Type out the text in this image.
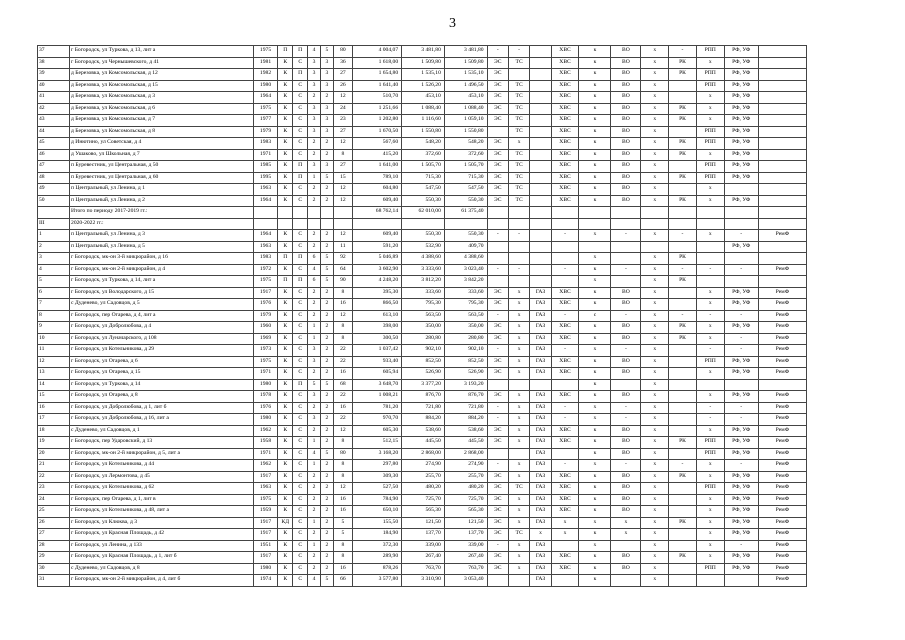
3
37	г Богородск, ул Туркова, д 13, лит а	1975	П	П	4	5	80	4 004,07	3 481,80	3 481,80	-	-		ХВС	к	ВО	х	-	РПП	РФ, УФ	
38	г Богородск, ул Чернышевского, д 41	1981	К	С	3	3	36	1 618,00	1 509,80	1 509,80	ЭС	ТС		ХВС	к	ВО	х	РК	х	РФ, УФ	
39	д Березовка, ул Комсомольская, д 12	1982	К	П	3	3	27	1 654,80	1 535,10	1 535,10	ЭС			ХВС	к	ВО	х	РК	РПП	РФ, УФ	
40	д Березовка, ул Комсомольская, д 15	1980	К	С	3	3	26	1 641,40	1 526,20	1 496,50	ЭС	ТС		ХВС	к	ВО	х		РПП	РФ, УФ	
41	д Березовка, ул Комсомольская, д 3	1964	К	С	2	2	12	510,70	453,10	453,10	ЭС	ТС		ХВС	к	ВО	х		х	РФ, УФ	
42	д Березовка, ул Комсомольская, д 6	1975	К	С	3	3	24	1 251,66	1 088,40	1 088,40	ЭС	ТС		ХВС	к	ВО	х	РК	х	РФ, УФ	
43	д Березовка, ул Комсомольская, д 7	1977	К	С	3	3	23	1 202,80	1 116,60	1 059,10	ЭС	ТС		ХВС	к	ВО	х	РК	х	РФ, УФ	
44	д Березовка, ул Комсомольская, д 8	1979	К	С	3	3	27	1 670,50	1 550,80	1 550,80		ТС		ХВС	к	ВО	х		РПП	РФ, УФ	
45	д Инютино, ул Советская, д 4	1983	К	С	2	2	12	567,60	548,20	548,20	ЭС	х		ХВС	к	ВО	х	РК	РПП	РФ, УФ	
46	д Ушаково, ул Школьная, д 7	1971	К	С	2	2	8	415,20	372,60	372,60	ЭС	ТС		ХВС	к	ВО	х	РК	х	РФ, УФ	
47	п Буревестник, ул Центральная, д 50	1985	К	П	3	3	27	1 641,00	1 505,70	1 505,70	ЭС	ТС		ХВС	к	ВО	х		РПП	РФ, УФ	
48	п Буревестник, ул Центральная, д 60	1995	К	П	1	5	15	789,10	715,30	715,30	ЭС	ТС		ХВС	к	ВО	х	РК	РПП	РФ, УФ	
49	п Центральный, ул Ленина, д 1	1963	К	С	2	2	12	604,80	547,50	547,50	ЭС	ТС		ХВС	к	ВО	х		х		
50	п Центральный, ул Ленина, д 2	1964	К	С	2	2	12	609,40	550,30	550,30	ЭС	ТС		ХВС	к	ВО	х	РК	х	РФ, УФ	
	Итого по периоду 2017-2019 гг.:							68 762,14	62 010,00	61 375,40											
III	2020-2022 гг.:																				
1	п Центральный, ул Ленина, д 3	1964	К	С	2	2	12	609,40	550,30	550,30	-	-		-	х	-	х	-	х	-	РемФ
2	п Центральный, ул Ленина, д 5	1963	К	С	2	2	11	591,20	532,90	409,70										РФ, УФ	
3	г Богородск, мк-он 3-й микрорайон, д 16	1983	П	П	6	5	92	5 046,89	4 388,60	4 388,60					х		х	РК			
4	г Богородск, мк-он 2-й микрорайон, д 4	1972	К	С	4	5	64	3 602,90	3 333,60	3 023,40	-	-		-	к	-	х	-	-	-	РемФ
5	г Богородск, ул Туркова, д 14, лит а	1975	П	П	6	5	90	4 248,20	3 812,20	3 842,20					х		х	РК			
6	г Богородск, ул Володарского, д 15	1917	К	С	2	2	8	395,30	333,60	333,60	ЭС	х	ГАЗ	ХВС	к	ВО	х		х	РФ, УФ	РемФ
7	с Дуденево, ул Садовцов, д 5	1976	К	С	2	2	16	866,50	795,30	795,30	ЭС	х	ГАЗ	ХВС	к	ВО	х		х	РФ, УФ	РемФ
8	г Богородск, пер Огарева, д 4, лит а	1979	К	С	2	2	12	613,10	563,50	563,50	-	х	ГАЗ	-	с	-	х	-	-	-	РемФ
9	г Богородск, ул Добролюбова, д 4	1960	К	С	1	2	8	398,00	350,00	350,00	ЭС	х	ГАЗ	ХВС	к	ВО	х	РК	х	РФ, УФ	РемФ
10	г Богородск, ул Луначарского, д 108	1969	К	С	1	2	8	300,50	280,80	280,80	ЭС	х	ГАЗ	ХВС	к	ВО	х	РК	х	-	РемФ
11	г Богородск, ул Котельникова, д 29	1973	К	С	3	2	22	1 037,42	902,10	902,10	-	х	ГАЗ	-	х	-	х		-	-	РемФ
12	г Богородск, ул Огарева, д 6	1975	К	С	3	2	22	933,40	852,50	852,50	ЭС	х	ГАЗ	ХВС	к	ВО	х		РПП	РФ, УФ	РемФ
13	г Богородск, ул Огарева, д 15	1971	К	С	2	2	16	605,94	526,90	526,90	ЭС	х	ГАЗ	ХВС	к	ВО	х		х	РФ, УФ	РемФ
14	г Богородск, ул Туркова, д 14	1980	К	П	5	5	68	3 648,70	3 377,20	3 193,20					к		х				
15	г Богородск, ул Огарева, д 8	1978	К	С	3	2	22	1 008,21	876,70	876,70	ЭС	х	ГАЗ	ХВС	к	ВО	х		х	РФ, УФ	РемФ
16	г Богородск, ул Добролюбова, д 1, лит б	1976	К	С	2	2	16	781,20	721,80	721,80	-	х	ГАЗ	-	х	-	х		-	-	РемФ
17	г Богородск, ул Добролюбова, д 16, лит а	1980	К	С	3	2	22	970,70	884,20	884,20	-	х	ГАЗ	-	х	-	х		-	-	РемФ
18	с Дуденево, ул Садовцов, д 1	1962	К	С	2	2	12	605,30	538,60	538,60	ЭС	х	ГАЗ	ХВС	к	ВО	х		х	РФ, УФ	РемФ
19	г Богородск, пер Ударовский, д 13	1958	К	С	1	2	8	512,15	445,50	445,50	ЭС	х	ГАЗ	ХВС	к	ВО	х	РК	РПП	РФ, УФ	РемФ
20	г Богородск, мк-он 2-й микрорайон, д 5, лит а	1971	К	С	4	5	80	3 168,20	2 868,00	2 868,00			ГАЗ		к	ВО	х		РПП	РФ, УФ	РемФ
21	г Богородск, ул Котельникова, д 44	1962	К	С	1	2	8	297,80	274,90	274,90	-	х	ГАЗ	-	х	-	х	-	х	-	РемФ
22	г Богородск, ул Лермонтова, д 45	1917	К	С	2	2	8	309,30	255,70	255,70	ЭС	х	ГАЗ	ХВС	к	ВО	х	РК	х	РФ, УФ	РемФ
23	г Богородск, ул Котельникова, д 62	1963	К	С	2	2	12	527,50	480,20	480,20	ЭС	ТС	ГАЗ	ХВС	к	ВО	х		РПП	РФ, УФ	РемФ
24	г Богородск, пер Огарева, д 1, лит в	1975	К	С	2	2	16	784,90	725,70	725,70	ЭС	х	ГАЗ	ХВС	к	ВО	х		х	РФ, УФ	РемФ
25	г Богородск, ул Котельникова, д 48, лит а	1959	К	С	2	2	16	650,10	565,30	565,30	ЭС	х	ГАЗ	ХВС	к	ВО	х		х	РФ, УФ	РемФ
26	г Богородск, ул Клюква, д 3	1917	КД	С	1	2	5	155,50	121,50	121,50	ЭС	х	ГАЗ	х	х	х	х	РК	х	РФ, УФ	РемФ
27	г Богородск, ул Красная Площадь, д 42	1917	К	С	2	2	5	184,90	137,70	137,70	ЭС	ТС	х	х	к	х	х		х	РФ, УФ	РемФ
28	г Богородск, ул Ленина, д 133	1951	К	С	1	2	8	372,30	339,00	339,00	-	х	ГАЗ		х		х		х	-	РемФ
29	г Богородск, ул Красная Площадь, д 1, лит б	1917	К	С	2	2	8	289,90	267,40	267,40	ЭС	х	ГАЗ	ХВС	к	ВО	х	РК	х	РФ, УФ	РемФ
30	с Дуденево, ул Садовцов, д 8	1980	К	С	2	2	16	878,26	763,70	763,70	ЭС	х	ГАЗ	ХВС	к	ВО	х		РПП	РФ, УФ	РемФ
31	г Богородск, мк-он 2-й микрорайон, д 4, лит б	1974	К	С	4	5	66	3 577,80	3 310,90	3 053,40			ГАЗ		к		х				РемФ
